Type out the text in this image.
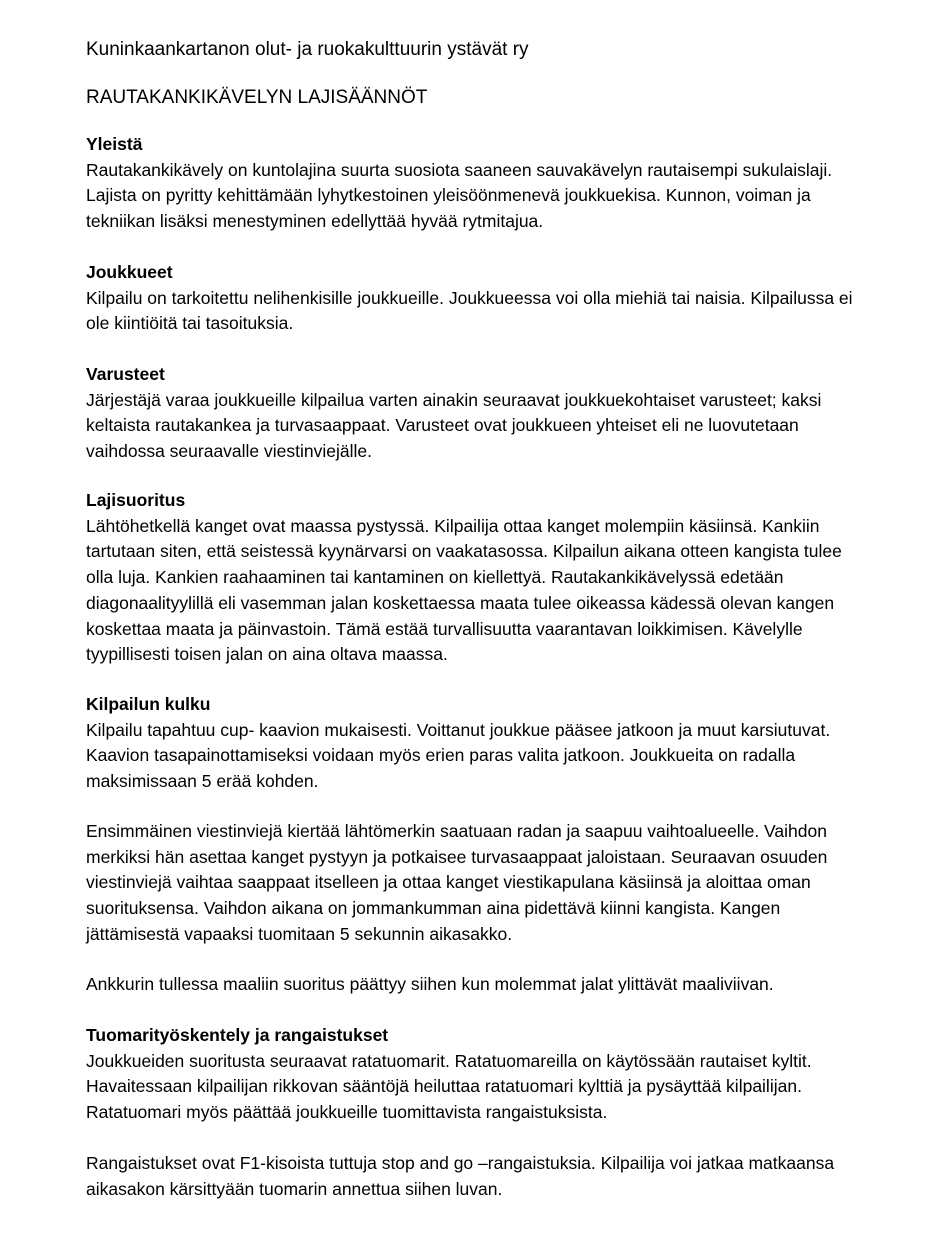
Kuninkaankartanon olut- ja ruokakulttuurin ystävät ry
RAUTAKANKIKÄVELYN LAJISÄÄNNÖT
Yleistä
Rautakankikävely on kuntolajina suurta suosiota saaneen sauvakävelyn rautaisempi sukulaislaji.
Lajista on pyritty kehittämään lyhytkestoinen yleisöönmenevä joukkuekisa. Kunnon, voiman ja
tekniikan lisäksi menestyminen edellyttää hyvää rytmitajua.
Joukkueet
Kilpailu on tarkoitettu nelihenkisille joukkueille. Joukkueessa voi olla miehiä tai naisia. Kilpailussa ei
ole kiintiöitä tai tasoituksia.
Varusteet
Järjestäjä varaa joukkueille kilpailua varten ainakin seuraavat joukkuekohtaiset varusteet; kaksi
keltaista rautakankea ja turvasaappaat. Varusteet ovat joukkueen yhteiset eli ne luovutetaan
vaihdossa seuraavalle viestinviejälle.
Lajisuoritus
Lähtöhetkellä kanget ovat maassa pystyssä. Kilpailija ottaa kanget molempiin käsiinsä. Kankiin
tartutaan siten, että seistessä kyynärvarsi on vaakatasossa. Kilpailun aikana otteen kangista tulee
olla luja. Kankien raahaaminen tai kantaminen on kiellettyä. Rautakankikävelyssä edetään
diagonaalityylillä eli vasemman jalan koskettaessa maata tulee oikeassa kädessä olevan kangen
koskettaa maata ja päinvastoin. Tämä estää turvallisuutta vaarantavan loikkimisen. Kävelylle
tyypillisesti toisen jalan on aina oltava maassa.
Kilpailun kulku
Kilpailu tapahtuu cup- kaavion mukaisesti. Voittanut joukkue pääsee jatkoon ja muut karsiutuvat.
Kaavion tasapainottamiseksi voidaan myös erien paras valita jatkoon. Joukkueita on radalla
maksimissaan 5 erää kohden.
Ensimmäinen viestinviejä kiertää lähtömerkin saatuaan radan ja saapuu vaihtoalueelle. Vaihdon
merkiksi hän asettaa kanget pystyyn ja potkaisee turvasaappaat jaloistaan. Seuraavan osuuden
viestinviejä vaihtaa saappaat itselleen ja ottaa kanget viestikapulana käsiinsä ja aloittaa oman
suorituksensa. Vaihdon aikana on jommankumman aina pidettävä kiinni kangista. Kangen
jättämisestä vapaaksi tuomitaan 5 sekunnin aikasakko.
Ankkurin tullessa maaliin suoritus päättyy siihen kun molemmat jalat ylittävät maaliviivan.
Tuomarityöskentely ja rangaistukset
Joukkueiden suoritusta seuraavat ratatuomarit. Ratatuomareilla on käytössään rautaiset kyltit.
Havaitessaan kilpailijan rikkovan sääntöjä heiluttaa ratatuomari kylttiä ja pysäyttää kilpailijan.
Ratatuomari myös päättää joukkueille tuomittavista rangaistuksista.
Rangaistukset ovat F1-kisoista tuttuja stop and go –rangaistuksia. Kilpailija voi jatkaa matkaansa
aikasakon kärsittyään tuomarin annettua siihen luvan.
